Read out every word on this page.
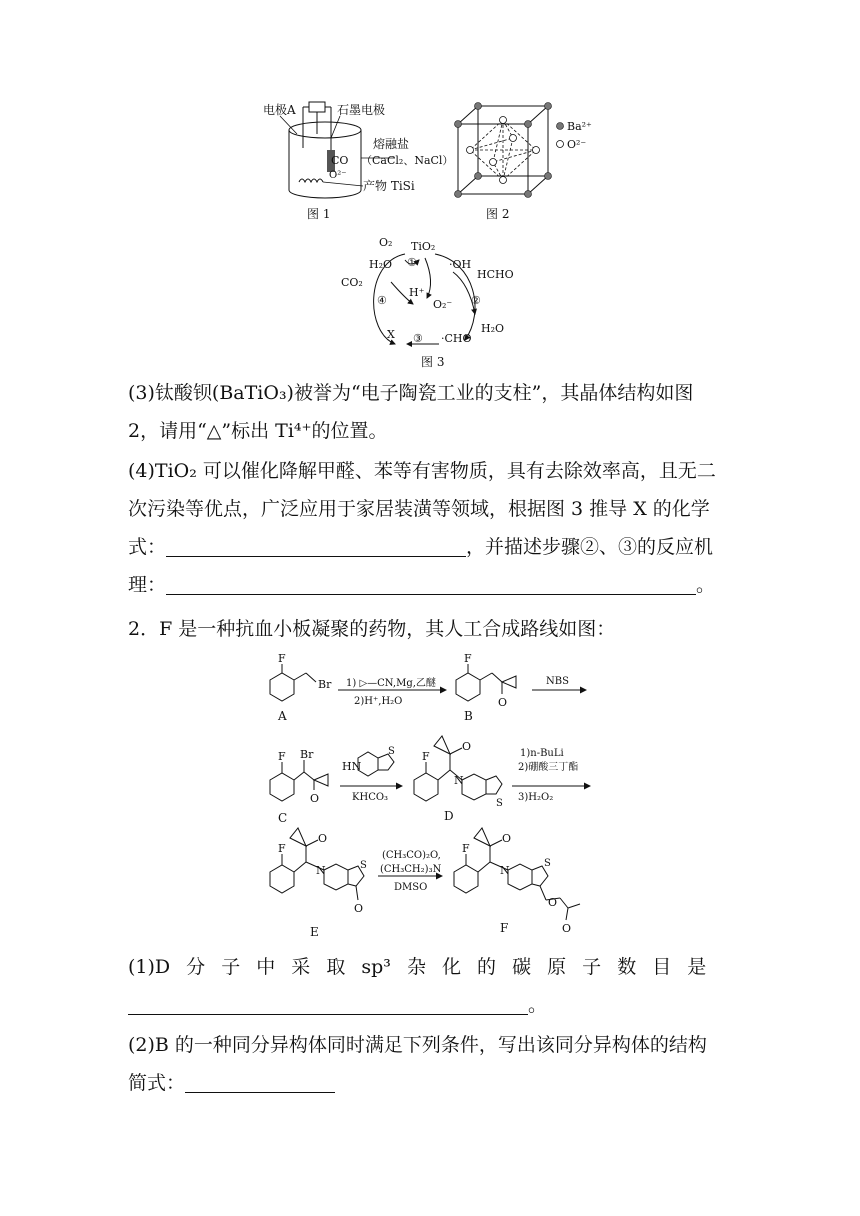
电极A	石墨电极
熔融盐
（CaCl₂、NaCl）
CO
O²⁻
产物 TiSi
图 1
Ba²⁺
O²⁻
图 2
O₂ TiO₂
H₂O ①	·OH
HCHO
CO₂
H⁺
④	②
O₂⁻
H₂O
X ③ ·CHO
图 3
(3)钛酸钡(BaTiO₃)被誉为“电子陶瓷工业的支柱”，其晶体结构如图
2，请用“△”标出 Ti⁴⁺的位置。
(4)TiO₂ 可以催化降解甲醛、苯等有害物质，具有去除效率高，且无二
次污染等优点，广泛应用于家居装潢等领域，根据图 3 推导 X 的化学
式：	，并描述步骤②、③的反应机
理：	。
2．F 是一种抗血小板凝聚的药物，其人工合成路线如图：
F
Br
A
1) ▷—CN,Mg,乙醚
2)H⁺,H₂O
F
O
B
NBS
F Br
O
C
HN
S
KHCO₃
F
O
N
S
D
1)n-BuLi
2)硼酸三丁酯
3)H₂O₂
F
O
N	S
O
E
(CH₃CO)₂O,
(CH₃CH₂)₃N
DMSO
F
O
N
S
O
O
F
(1)D 分 子 中 采 取 sp³ 杂 化 的 碳 原 子 数 目 是
。
(2)B 的一种同分异构体同时满足下列条件，写出该同分异构体的结构
简式：
